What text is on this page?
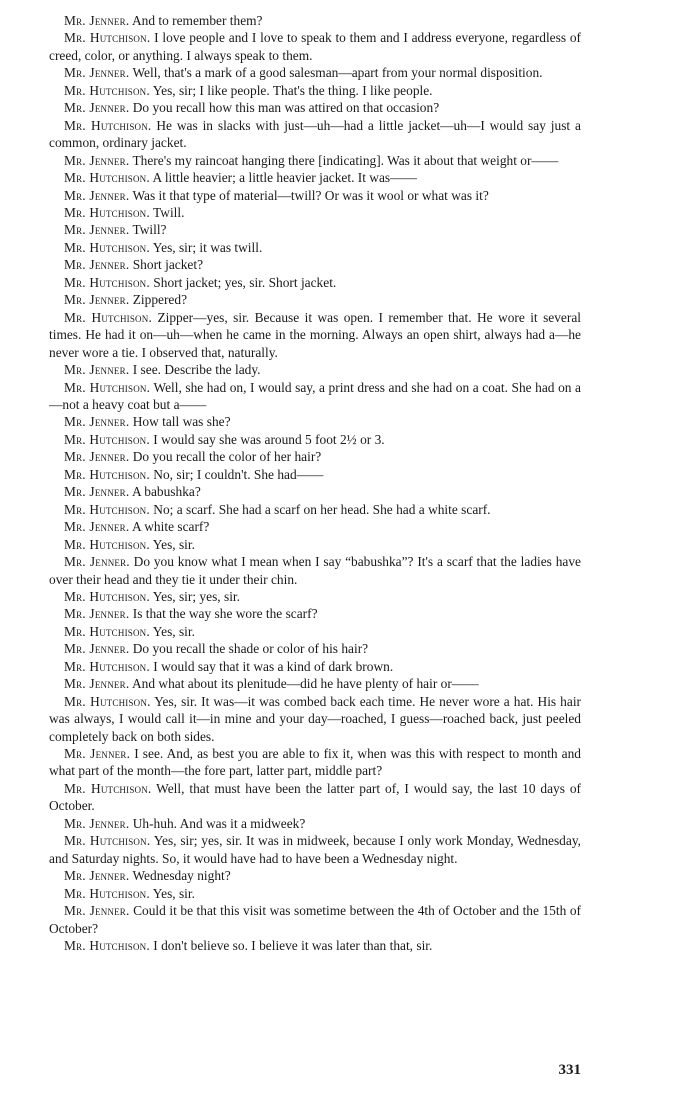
Mr. Jenner. And to remember them?

Mr. Hutchison. I love people and I love to speak to them and I address everyone, regardless of creed, color, or anything. I always speak to them.

Mr. Jenner. Well, that's a mark of a good salesman—apart from your normal disposition.

Mr. Hutchison. Yes, sir; I like people. That's the thing. I like people.

Mr. Jenner. Do you recall how this man was attired on that occasion?

Mr. Hutchison. He was in slacks with just—uh—had a little jacket—uh—I would say just a common, ordinary jacket.

Mr. Jenner. There's my raincoat hanging there [indicating]. Was it about that weight or——

Mr. Hutchison. A little heavier; a little heavier jacket. It was——

Mr. Jenner. Was it that type of material—twill? Or was it wool or what was it?

Mr. Hutchison. Twill.

Mr. Jenner. Twill?

Mr. Hutchison. Yes, sir; it was twill.

Mr. Jenner. Short jacket?

Mr. Hutchison. Short jacket; yes, sir. Short jacket.

Mr. Jenner. Zippered?

Mr. Hutchison. Zipper—yes, sir. Because it was open. I remember that. He wore it several times. He had it on—uh—when he came in the morning. Always an open shirt, always had a—he never wore a tie. I observed that, naturally.

Mr. Jenner. I see. Describe the lady.

Mr. Hutchison. Well, she had on, I would say, a print dress and she had on a coat. She had on a—not a heavy coat but a——

Mr. Jenner. How tall was she?

Mr. Hutchison. I would say she was around 5 foot 2½ or 3.

Mr. Jenner. Do you recall the color of her hair?

Mr. Hutchison. No, sir; I couldn't. She had——

Mr. Jenner. A babushka?

Mr. Hutchison. No; a scarf. She had a scarf on her head. She had a white scarf.

Mr. Jenner. A white scarf?

Mr. Hutchison. Yes, sir.

Mr. Jenner. Do you know what I mean when I say “babushka”? It's a scarf that the ladies have over their head and they tie it under their chin.

Mr. Hutchison. Yes, sir; yes, sir.

Mr. Jenner. Is that the way she wore the scarf?

Mr. Hutchison. Yes, sir.

Mr. Jenner. Do you recall the shade or color of his hair?

Mr. Hutchison. I would say that it was a kind of dark brown.

Mr. Jenner. And what about its plenitude—did he have plenty of hair or——

Mr. Hutchison. Yes, sir. It was—it was combed back each time. He never wore a hat. His hair was always, I would call it—in mine and your day—roached, I guess—roached back, just peeled completely back on both sides.

Mr. Jenner. I see. And, as best you are able to fix it, when was this with respect to month and what part of the month—the fore part, latter part, middle part?

Mr. Hutchison. Well, that must have been the latter part of, I would say, the last 10 days of October.

Mr. Jenner. Uh-huh. And was it a midweek?

Mr. Hutchison. Yes, sir; yes, sir. It was in midweek, because I only work Monday, Wednesday, and Saturday nights. So, it would have had to have been a Wednesday night.

Mr. Jenner. Wednesday night?

Mr. Hutchison. Yes, sir.

Mr. Jenner. Could it be that this visit was sometime between the 4th of October and the 15th of October?

Mr. Hutchison. I don't believe so. I believe it was later than that, sir.

331
